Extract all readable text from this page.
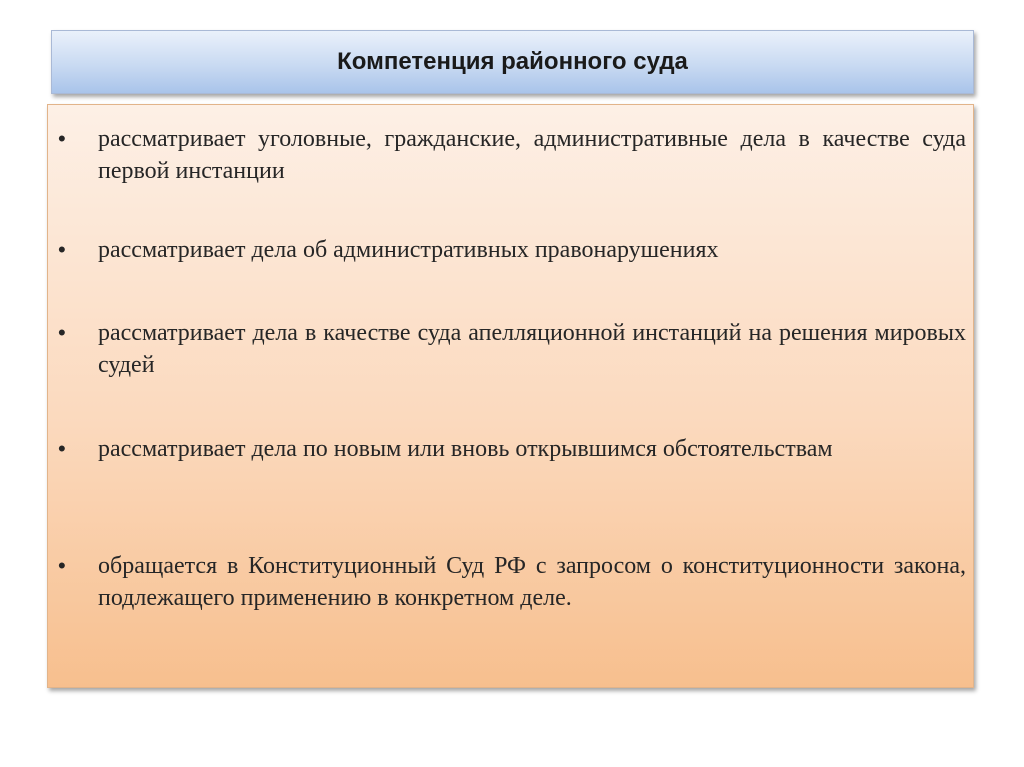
Компетенция районного суда
• рассматривает уголовные, гражданские, административные дела в качестве суда первой инстанции
• рассматривает дела об административных правонарушениях
• рассматривает дела в качестве суда апелляционной инстанций на решения мировых судей
• рассматривает дела по новым или вновь открывшимся обстоятельствам
• обращается в Конституционный Суд РФ с запросом о конституционности закона, подлежащего применению в конкретном деле.
